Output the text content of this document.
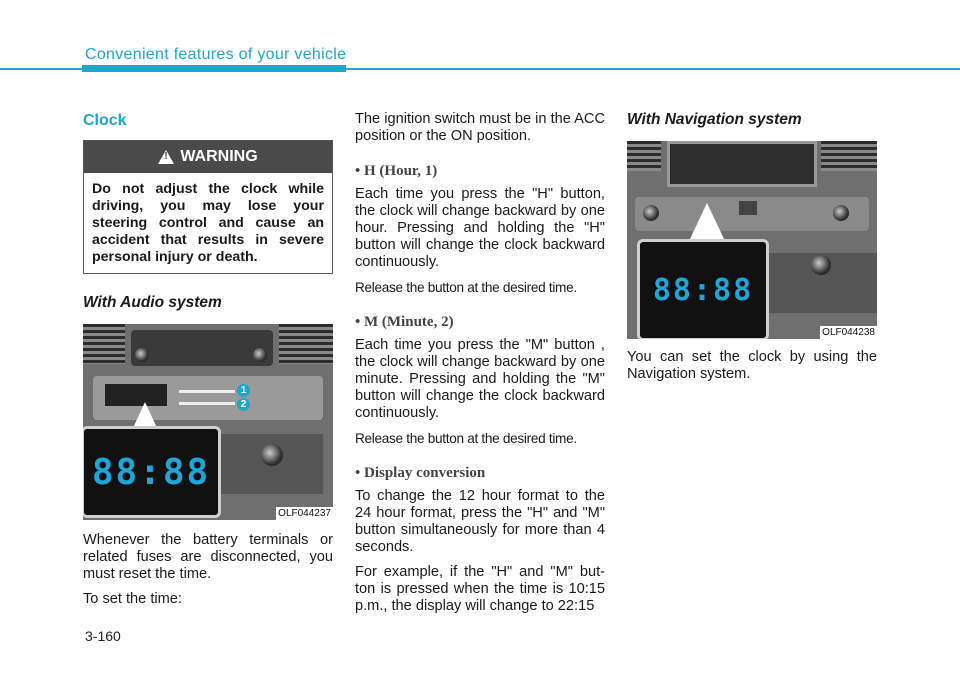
Convenient features of your vehicle
Clock
!
WARNING
Do not adjust the clock while driving, you may lose your steering control and cause an accident that results in severe personal injury or death.
With Audio system
1
2
88:88
OLF044237

Whenever the battery terminals or related fuses are disconnected, you must reset the time.

To set the time:

The ignition switch must be in the ACC position or the ON position.

• H (Hour, 1)

Each time you press the "H" button, the clock will change backward by one hour. Pressing and holding the "H" button will change the clock backward continuously.

Release the button at the desired time.

• M (Minute, 2)

Each time you press the "M" button , the clock will change backward by one minute. Pressing and holding the "M" button will change the clock backward continuously.

Release the button at the desired time.

• Display conversion

To change the 12 hour format to the 24 hour format, press the "H" and "M" button simultaneously for more than 4 seconds.

For example, if the "H" and "M" but-ton is pressed when the time is 10:15 p.m., the display will change to 22:15

With Navigation system
88:88
OLF044238

You can set the clock by using the Navigation system.

3-160
